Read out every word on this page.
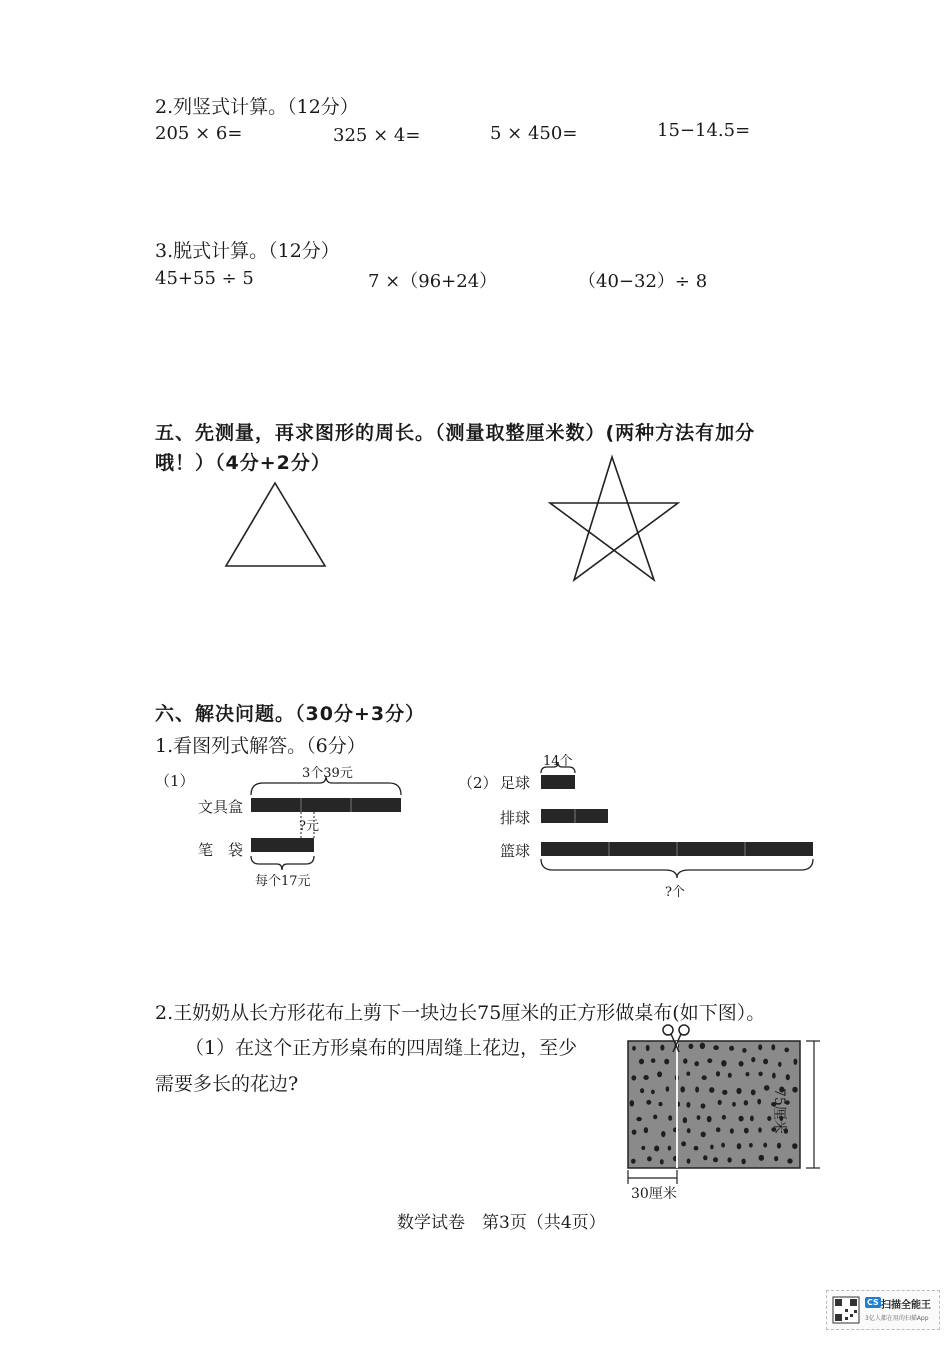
2.列竖式计算。（12分）
205 × 6=	325 × 4=	5 × 450=	15−14.5=
3.脱式计算。（12分）
45+55 ÷ 5	7 ×（96+24）	（40−32）÷ 8
五、先测量，再求图形的周长。（测量取整厘米数）(两种方法有加分
哦！）（4分+2分）
六、解决问题。（30分+3分）
1.看图列式解答。（6分）
（1）	3个39元
文具盒
笔　袋
?元
每个17元
（2）
14个
足球
排球
篮球
?个
2.王奶奶从长方形花布上剪下一块边长75厘米的正方形做桌布(如下图）。
（1）在这个正方形桌布的四周缝上花边，至少
需要多长的花边?
75厘米
30厘米
数学试卷　第3页（共4页）
CS 扫描全能王
3亿人都在用的扫描App
